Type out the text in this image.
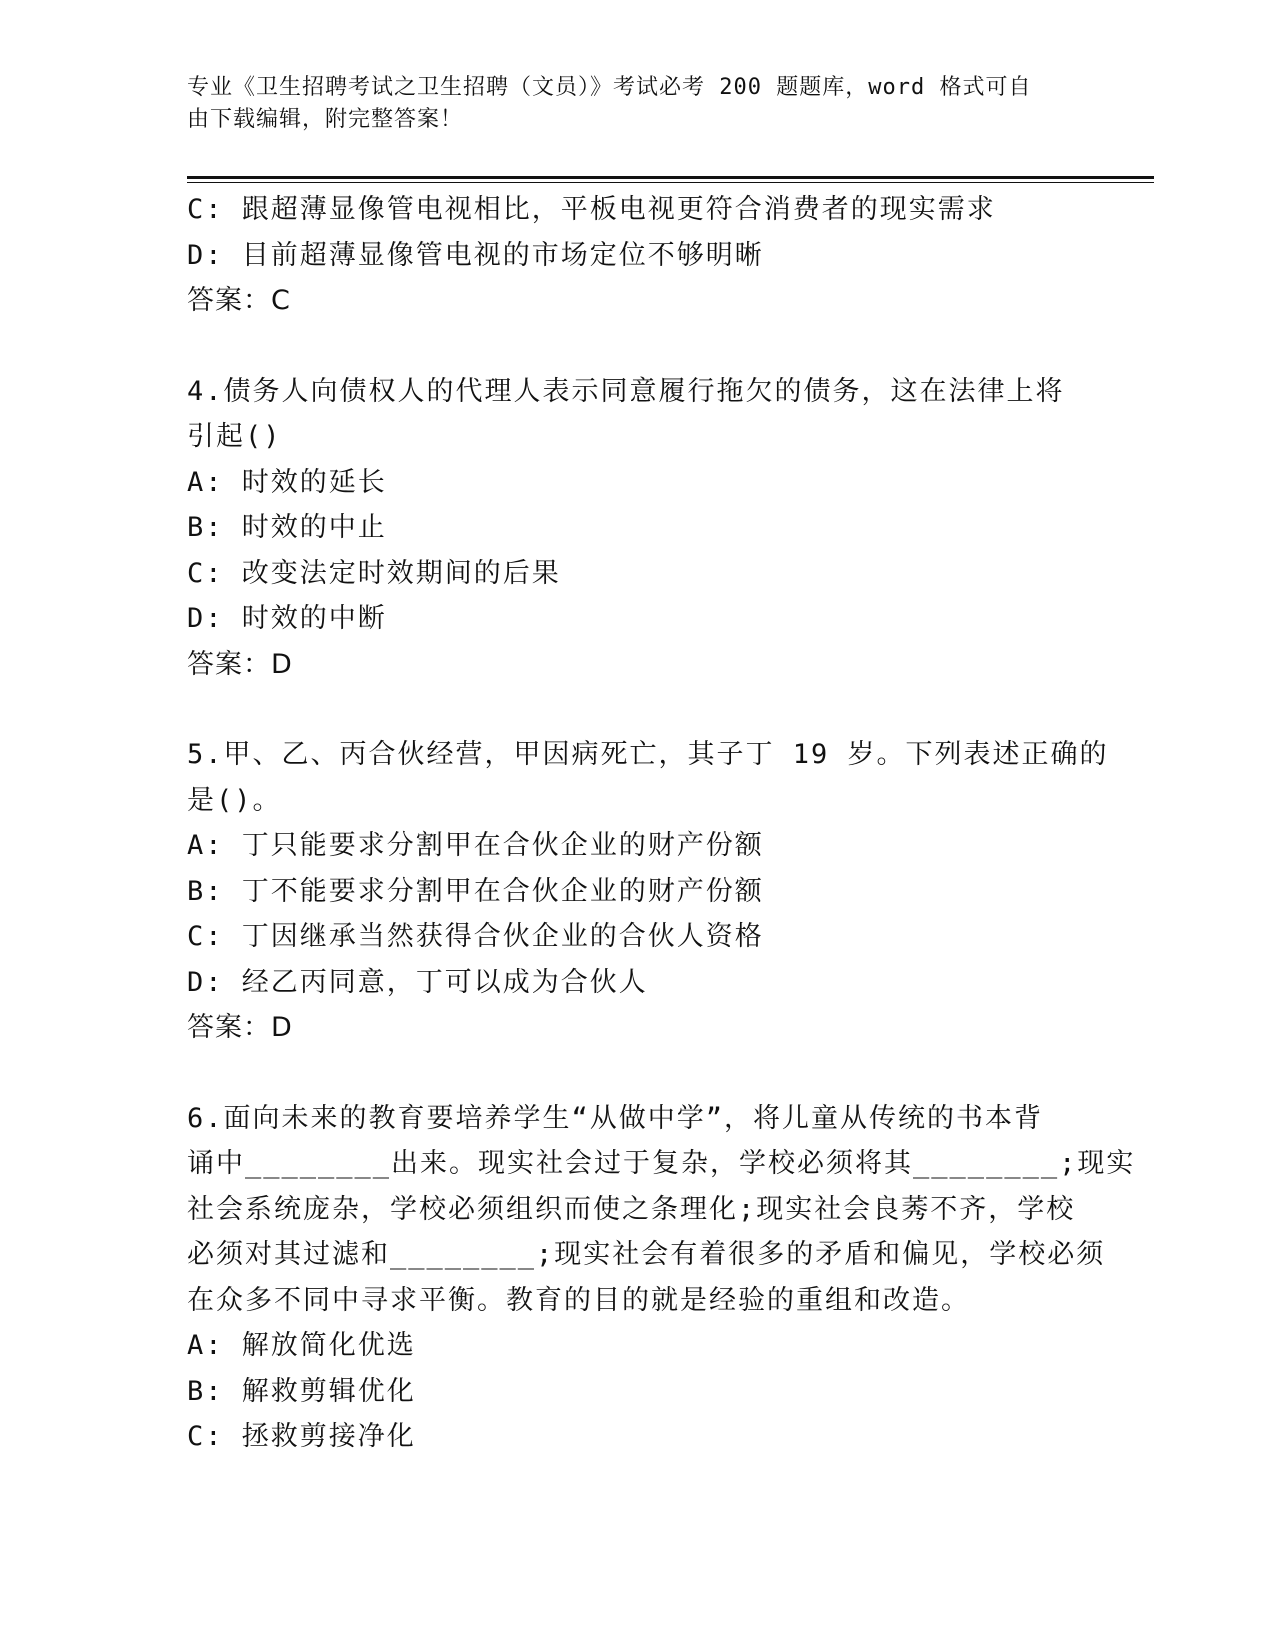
专业《卫生招聘考试之卫生招聘（文员）》考试必考 200 题题库，word 格式可自
由下载编辑，附完整答案！
C: 跟超薄显像管电视相比，平板电视更符合消费者的现实需求
D: 目前超薄显像管电视的市场定位不够明晰
答案：C
4.债务人向债权人的代理人表示同意履行拖欠的债务，这在法律上将
引起()
A: 时效的延长
B: 时效的中止
C: 改变法定时效期间的后果
D: 时效的中断
答案：D
5.甲、乙、丙合伙经营，甲因病死亡，其子丁 19 岁。下列表述正确的
是()。
A: 丁只能要求分割甲在合伙企业的财产份额
B: 丁不能要求分割甲在合伙企业的财产份额
C: 丁因继承当然获得合伙企业的合伙人资格
D: 经乙丙同意，丁可以成为合伙人
答案：D
6.面向未来的教育要培养学生“从做中学”，将儿童从传统的书本背
诵中________出来。现实社会过于复杂，学校必须将其________;现实
社会系统庞杂，学校必须组织而使之条理化;现实社会良莠不齐，学校
必须对其过滤和________;现实社会有着很多的矛盾和偏见，学校必须
在众多不同中寻求平衡。教育的目的就是经验的重组和改造。
A: 解放简化优选
B: 解救剪辑优化
C: 拯救剪接净化
